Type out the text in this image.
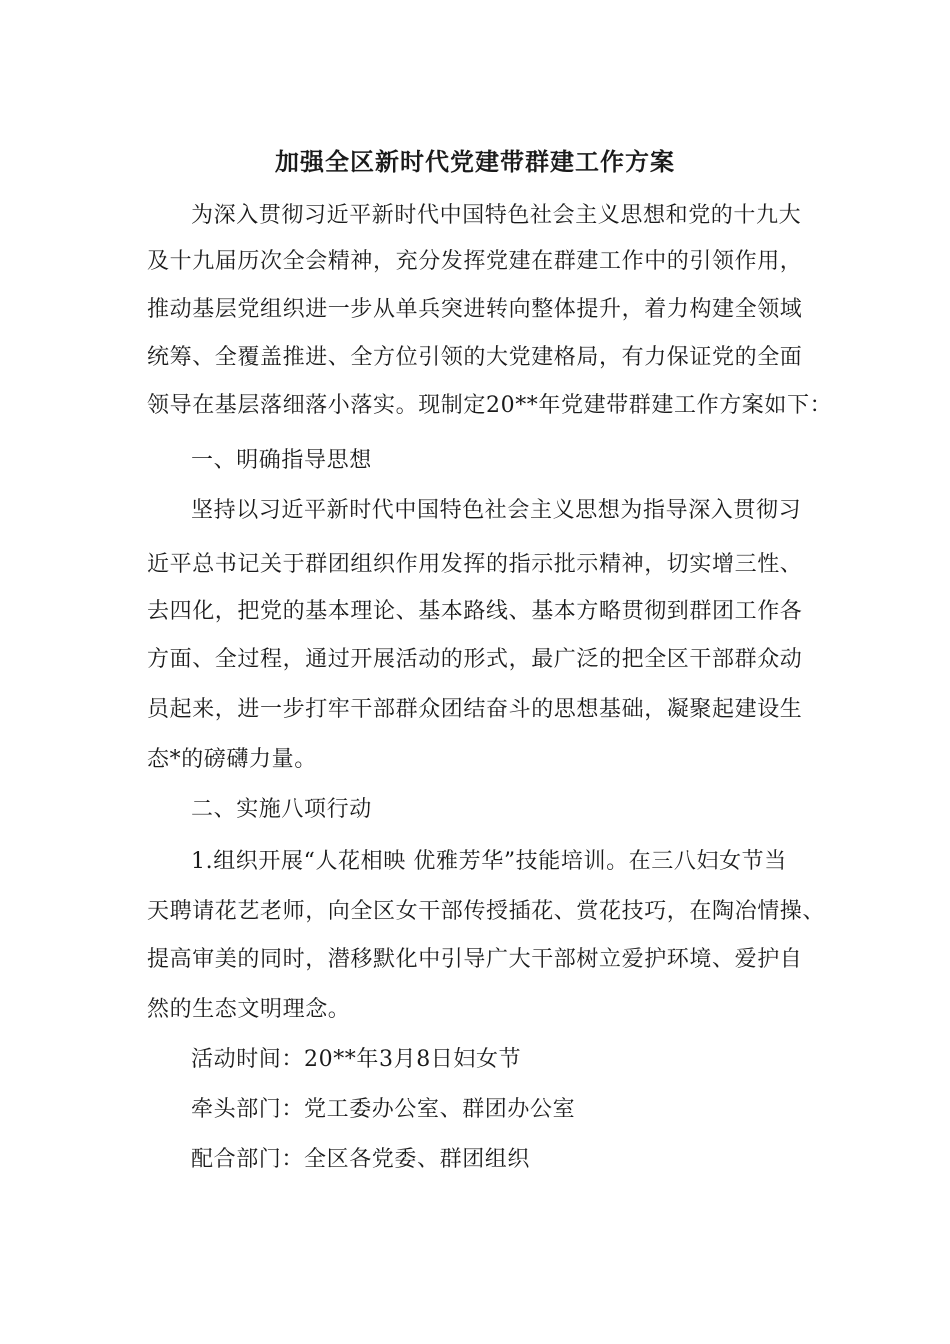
加强全区新时代党建带群建工作方案

为深入贯彻习近平新时代中国特色社会主义思想和党的十九大

及十九届历次全会精神，充分发挥党建在群建工作中的引领作用，

推动基层党组织进一步从单兵突进转向整体提升，着力构建全领域

统筹、全覆盖推进、全方位引领的大党建格局，有力保证党的全面

领导在基层落细落小落实。现制定20**年党建带群建工作方案如下：

一、明确指导思想

坚持以习近平新时代中国特色社会主义思想为指导深入贯彻习

近平总书记关于群团组织作用发挥的指示批示精神，切实增三性、

去四化，把党的基本理论、基本路线、基本方略贯彻到群团工作各

方面、全过程，通过开展活动的形式，最广泛的把全区干部群众动

员起来，进一步打牢干部群众团结奋斗的思想基础，凝聚起建设生

态*的磅礴力量。

二、实施八项行动

1.组织开展“人花相映 优雅芳华”技能培训。在三八妇女节当

天聘请花艺老师，向全区女干部传授插花、赏花技巧，在陶冶情操、

提高审美的同时，潜移默化中引导广大干部树立爱护环境、爱护自

然的生态文明理念。

活动时间：20**年3月8日妇女节

牵头部门：党工委办公室、群团办公室

配合部门：全区各党委、群团组织
